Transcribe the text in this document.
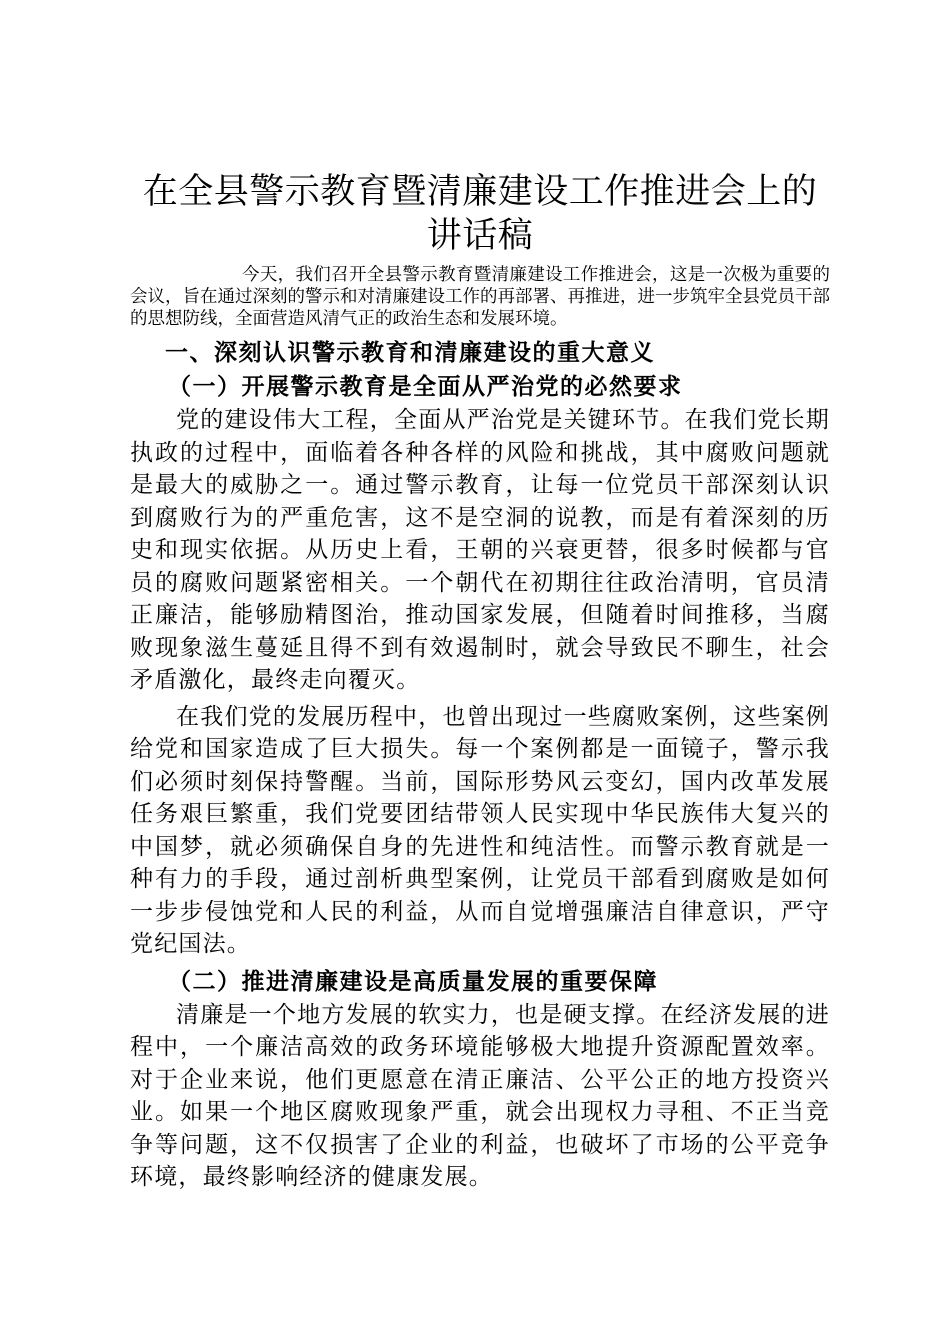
在全县警示教育暨清廉建设工作推进会上的讲话稿

今天，我们召开全县警示教育暨清廉建设工作推进会，这是一次极为重要的会议，旨在通过深刻的警示和对清廉建设工作的再部署、再推进，进一步筑牢全县党员干部的思想防线，全面营造风清气正的政治生态和发展环境。

一、深刻认识警示教育和清廉建设的重大意义
（一）开展警示教育是全面从严治党的必然要求

党的建设伟大工程，全面从严治党是关键环节。在我们党长期执政的过程中，面临着各种各样的风险和挑战，其中腐败问题就是最大的威胁之一。通过警示教育，让每一位党员干部深刻认识到腐败行为的严重危害，这不是空洞的说教，而是有着深刻的历史和现实依据。从历史上看，王朝的兴衰更替，很多时候都与官员的腐败问题紧密相关。一个朝代在初期往往政治清明，官员清正廉洁，能够励精图治，推动国家发展，但随着时间推移，当腐败现象滋生蔓延且得不到有效遏制时，就会导致民不聊生，社会矛盾激化，最终走向覆灭。

在我们党的发展历程中，也曾出现过一些腐败案例，这些案例给党和国家造成了巨大损失。每一个案例都是一面镜子，警示我们必须时刻保持警醒。当前，国际形势风云变幻，国内改革发展任务艰巨繁重，我们党要团结带领人民实现中华民族伟大复兴的中国梦，就必须确保自身的先进性和纯洁性。而警示教育就是一种有力的手段，通过剖析典型案例，让党员干部看到腐败是如何一步步侵蚀党和人民的利益，从而自觉增强廉洁自律意识，严守党纪国法。

（二）推进清廉建设是高质量发展的重要保障

清廉是一个地方发展的软实力，也是硬支撑。在经济发展的进程中，一个廉洁高效的政务环境能够极大地提升资源配置效率。对于企业来说，他们更愿意在清正廉洁、公平公正的地方投资兴业。如果一个地区腐败现象严重，就会出现权力寻租、不正当竞争等问题，这不仅损害了企业的利益，也破坏了市场的公平竞争环境，最终影响经济的健康发展。
